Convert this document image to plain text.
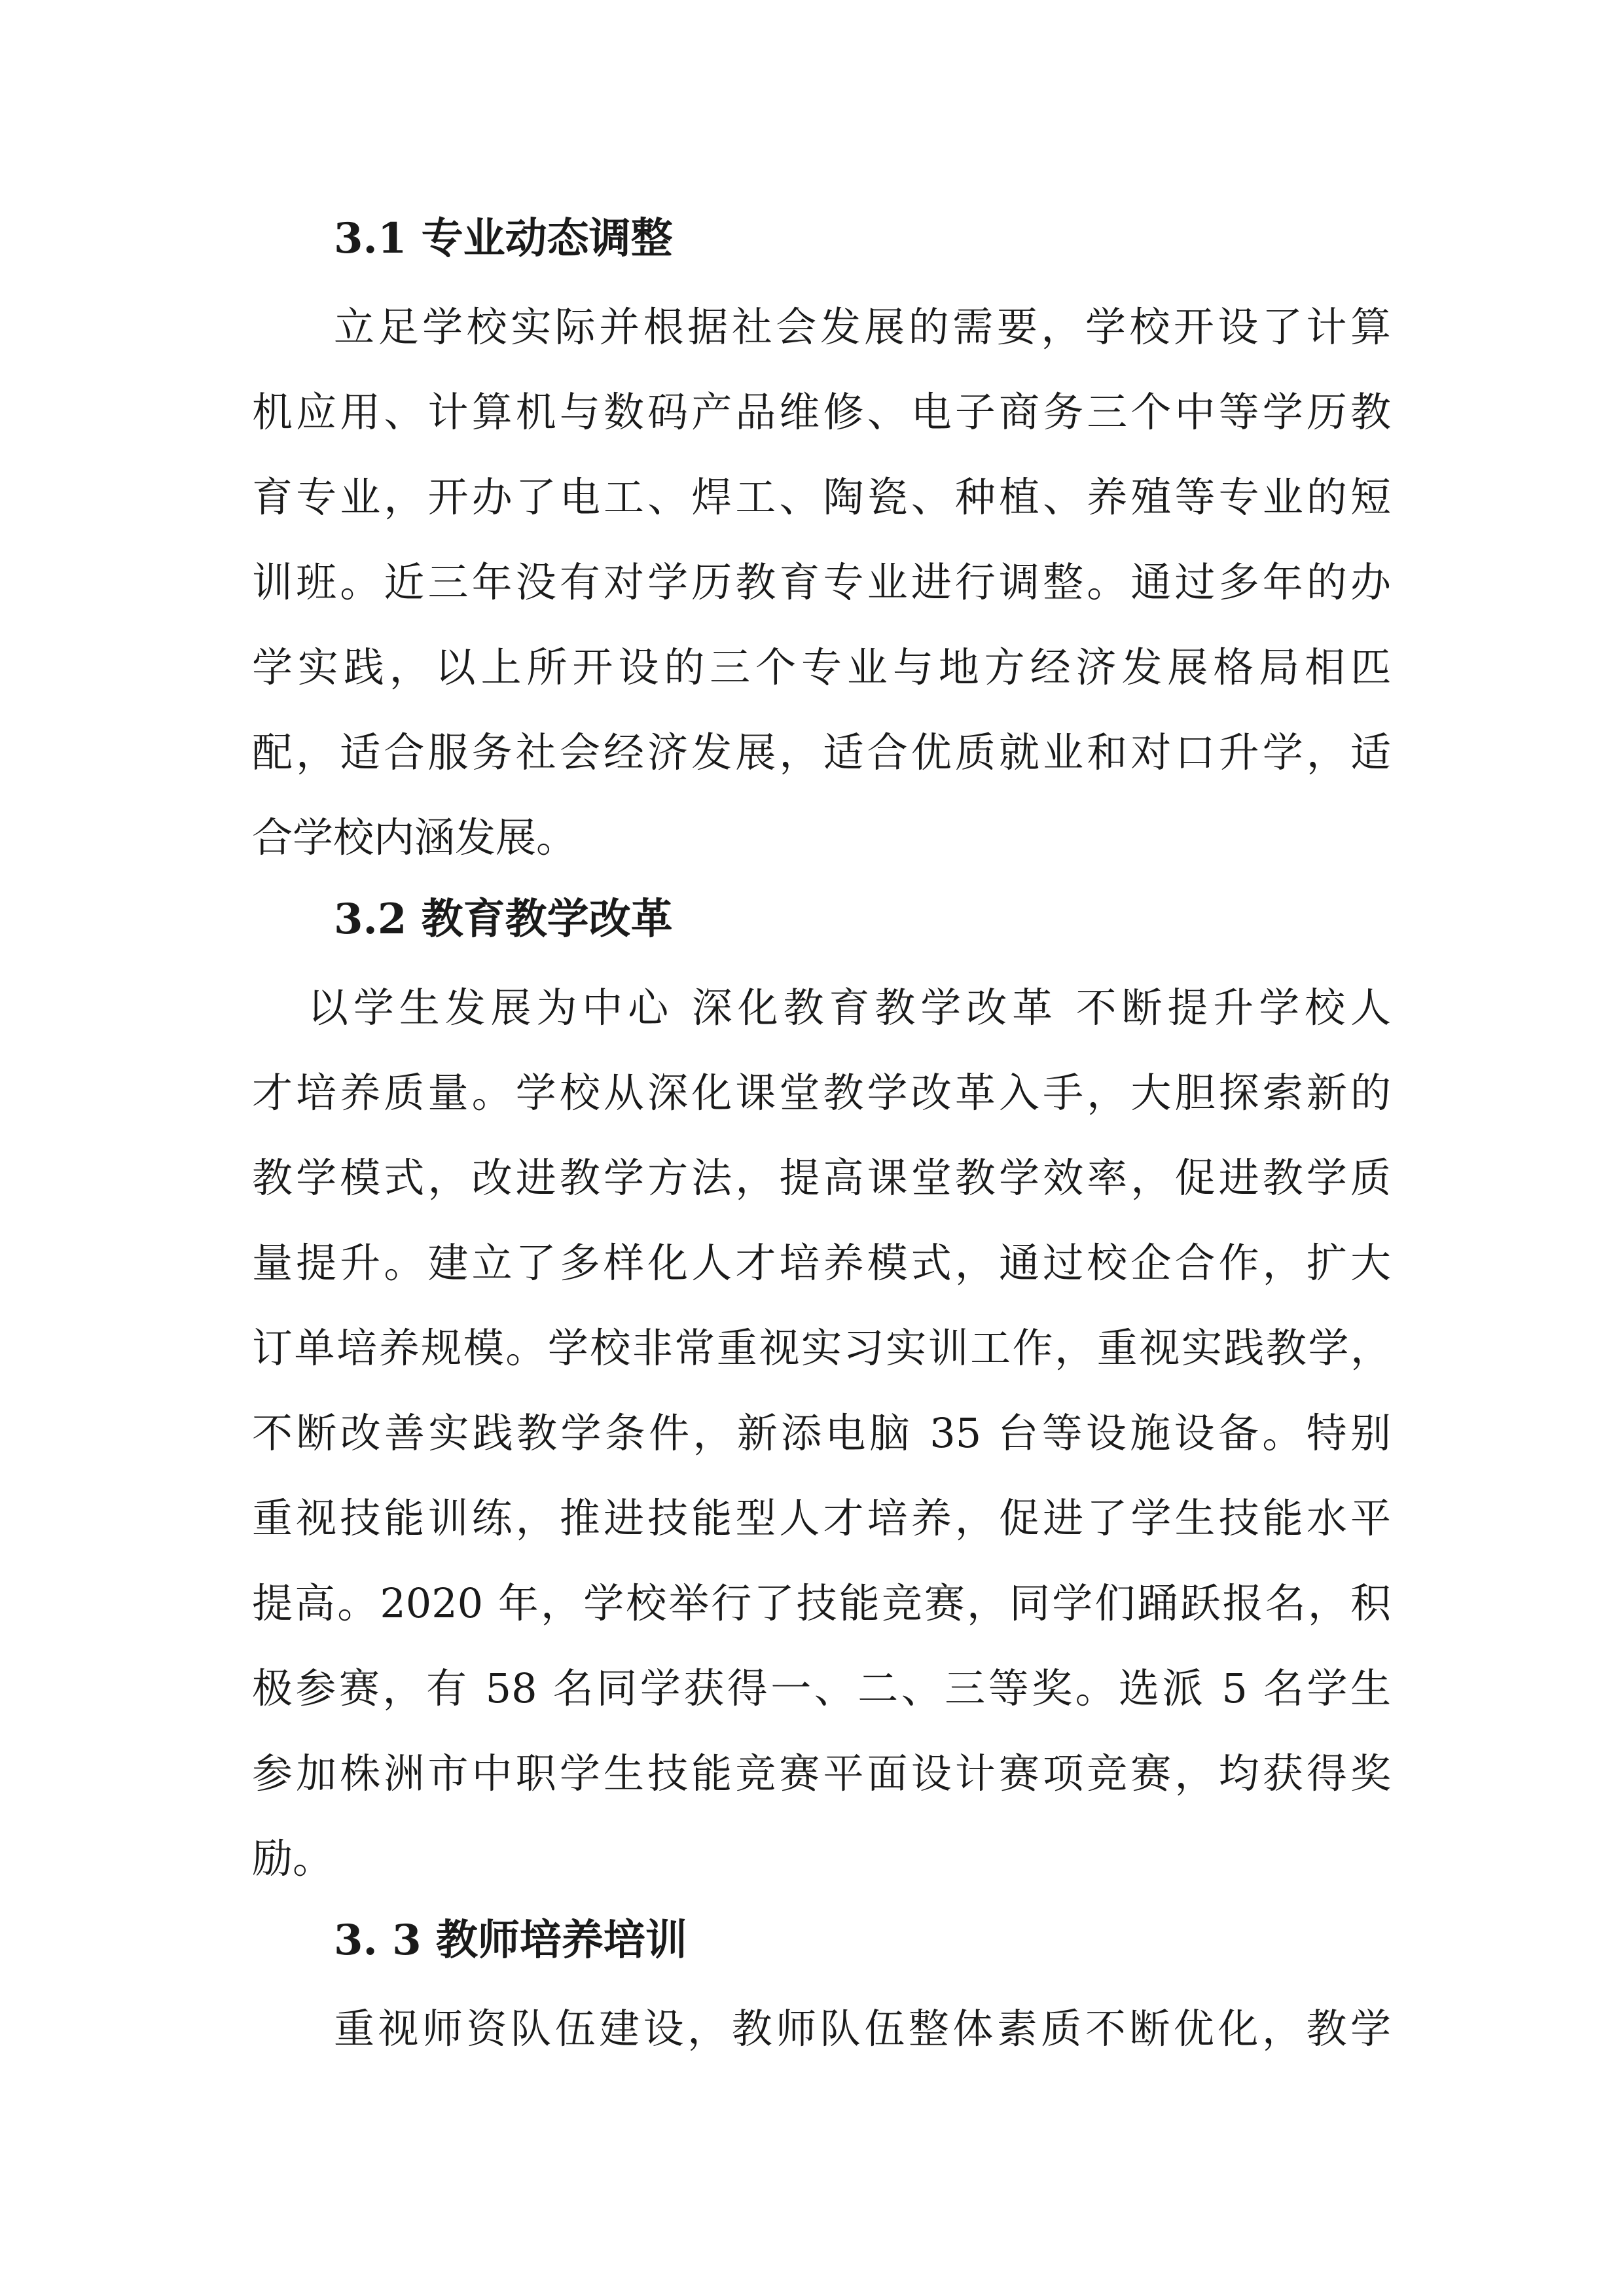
3.1 专业动态调整

立足学校实际并根据社会发展的需要，学校开设了计算

机应用、计算机与数码产品维修、电子商务三个中等学历教

育专业，开办了电工、焊工、陶瓷、种植、养殖等专业的短

训班。近三年没有对学历教育专业进行调整。通过多年的办

学实践，以上所开设的三个专业与地方经济发展格局相匹

配，适合服务社会经济发展，适合优质就业和对口升学，适

合学校内涵发展。

3.2 教育教学改革

以学生发展为中心 深化教育教学改革 不断提升学校人

才培养质量。学校从深化课堂教学改革入手，大胆探索新的

教学模式，改进教学方法，提高课堂教学效率，促进教学质

量提升。建立了多样化人才培养模式，通过校企合作，扩大

订单培养规模。学校非常重视实习实训工作，重视实践教学，

不断改善实践教学条件，新添电脑 35 台等设施设备。特别

重视技能训练，推进技能型人才培养，促进了学生技能水平

提高。2020 年，学校举行了技能竞赛，同学们踊跃报名，积

极参赛，有 58 名同学获得一、二、三等奖。选派 5 名学生

参加株洲市中职学生技能竞赛平面设计赛项竞赛，均获得奖

励。

3. 3 教师培养培训

重视师资队伍建设，教师队伍整体素质不断优化，教学
